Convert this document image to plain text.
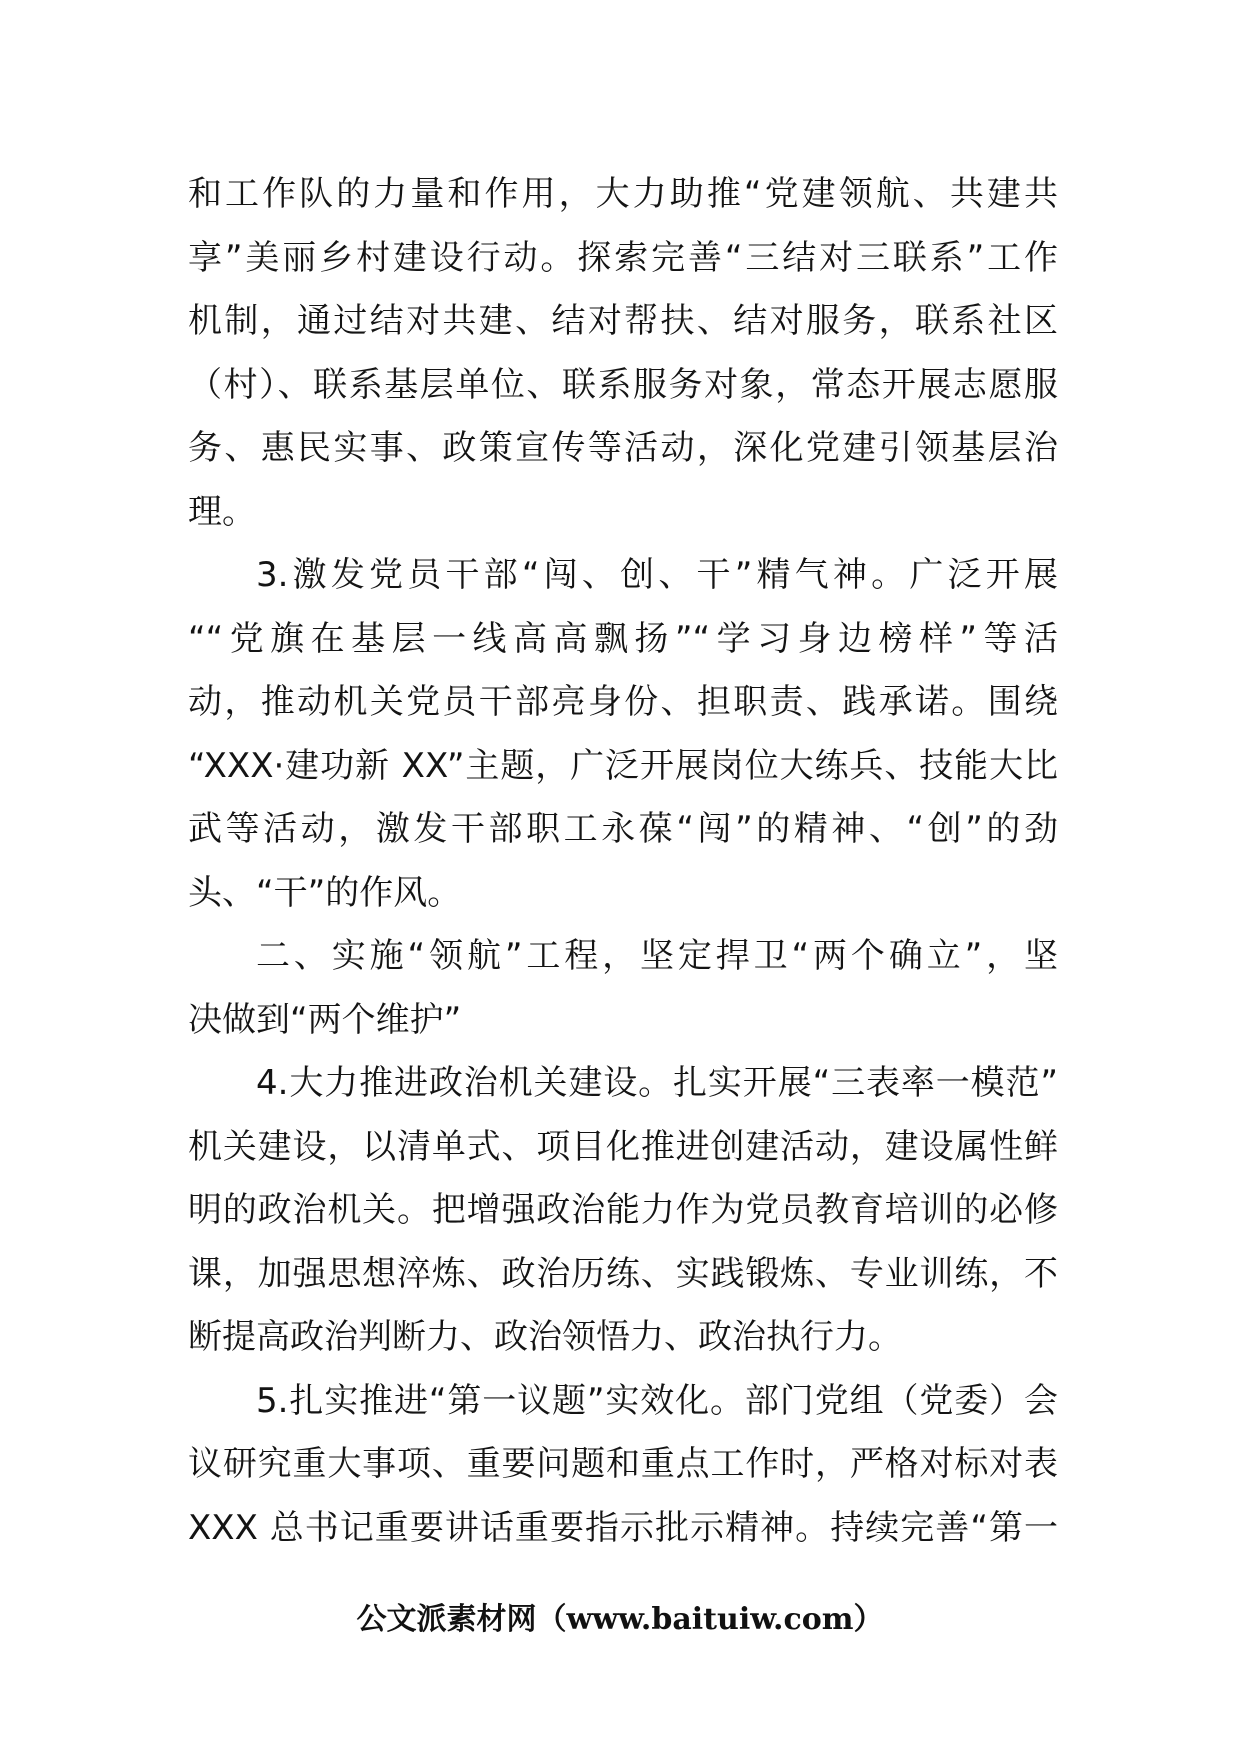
和工作队的力量和作用，大力助推“党建领航、共建共
享”美丽乡村建设行动。探索完善“三结对三联系”工作
机制，通过结对共建、结对帮扶、结对服务，联系社区
（村）、联系基层单位、联系服务对象，常态开展志愿服
务、惠民实事、政策宣传等活动，深化党建引领基层治
理。
3.激发党员干部“闯、创、干”精气神。广泛开展
““党旗在基层一线高高飘扬”“学习身边榜样”等活
动，推动机关党员干部亮身份、担职责、践承诺。围绕
“XXX·建功新 XX”主题，广泛开展岗位大练兵、技能大比
武等活动，激发干部职工永葆“闯”的精神、“创”的劲
头、“干”的作风。
二、实施“领航”工程，坚定捍卫“两个确立”，坚
决做到“两个维护”
4.大力推进政治机关建设。扎实开展“三表率一模范”
机关建设，以清单式、项目化推进创建活动，建设属性鲜
明的政治机关。把增强政治能力作为党员教育培训的必修
课，加强思想淬炼、政治历练、实践锻炼、专业训练，不
断提高政治判断力、政治领悟力、政治执行力。
5.扎实推进“第一议题”实效化。部门党组（党委）会
议研究重大事项、重要问题和重点工作时，严格对标对表
XXX 总书记重要讲话重要指示批示精神。持续完善“第一
公文派素材网（www.baituiw.com）
